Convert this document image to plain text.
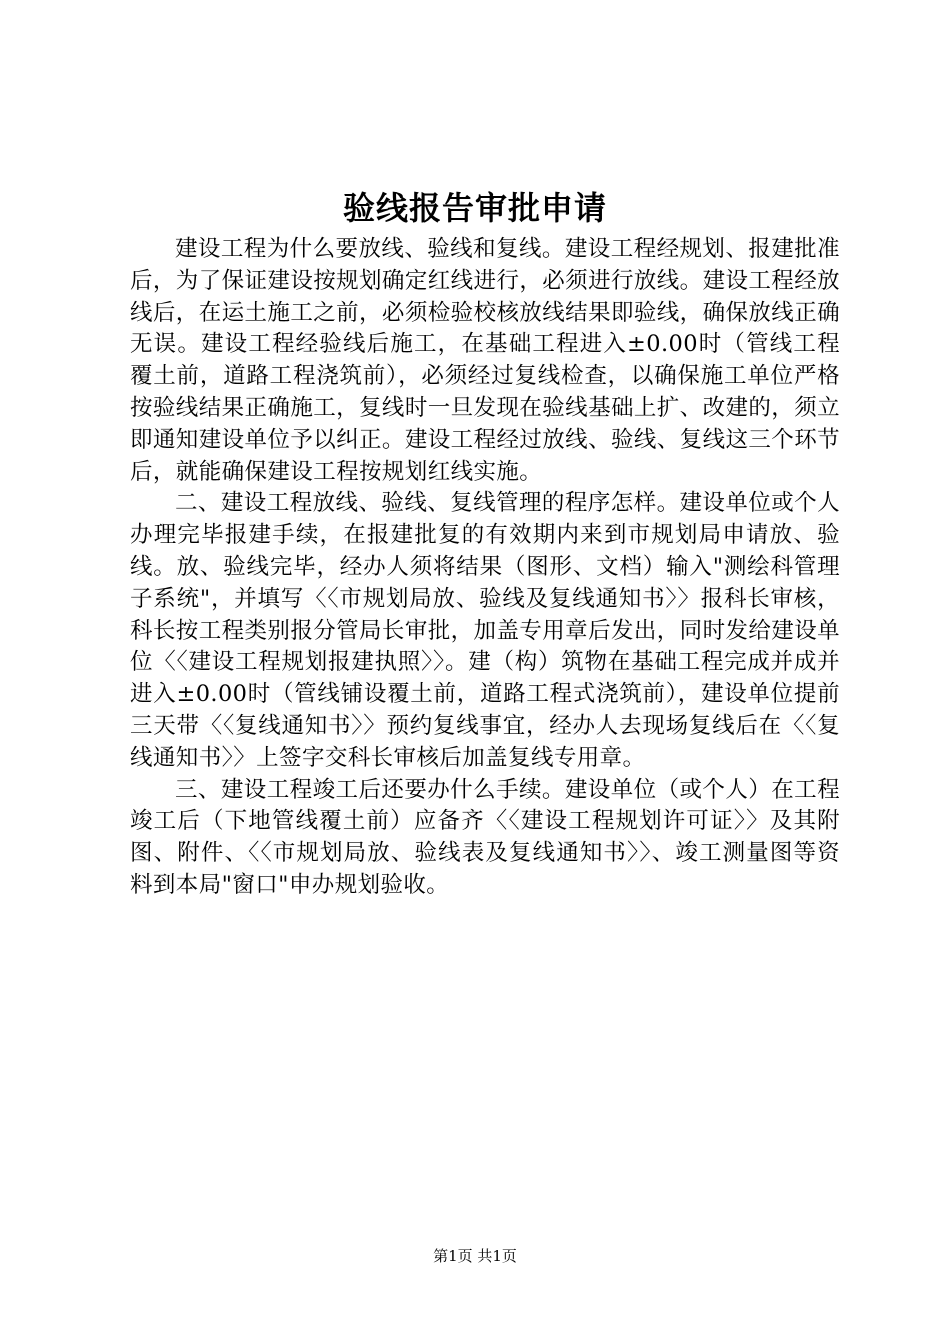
验线报告审批申请

建设工程为什么要放线、验线和复线。建设工程经规划、报建批准后，为了保证建设按规划确定红线进行，必须进行放线。建设工程经放线后，在运土施工之前，必须检验校核放线结果即验线，确保放线正确无误。建设工程经验线后施工，在基础工程进入±0.00时（管线工程覆土前，道路工程浇筑前），必须经过复线检查，以确保施工单位严格按验线结果正确施工，复线时一旦发现在验线基础上扩、改建的，须立即通知建设单位予以纠正。建设工程经过放线、验线、复线这三个环节后，就能确保建设工程按规划红线实施。

二、建设工程放线、验线、复线管理的程序怎样。建设单位或个人办理完毕报建手续，在报建批复的有效期内来到市规划局申请放、验线。放、验线完毕，经办人须将结果（图形、文档）输入"测绘科管理子系统"，并填写〈〈市规划局放、验线及复线通知书〉〉报科长审核，科长按工程类别报分管局长审批，加盖专用章后发出，同时发给建设单位〈〈建设工程规划报建执照〉〉。建（构）筑物在基础工程完成并成并进入±0.00时（管线铺设覆土前，道路工程式浇筑前），建设单位提前三天带〈〈复线通知书〉〉预约复线事宜，经办人去现场复线后在〈〈复线通知书〉〉上签字交科长审核后加盖复线专用章。

三、建设工程竣工后还要办什么手续。建设单位（或个人）在工程竣工后（下地管线覆土前）应备齐〈〈建设工程规划许可证〉〉及其附图、附件、〈〈市规划局放、验线表及复线通知书〉〉、竣工测量图等资料到本局"窗口"申办规划验收。

第1页 共1页
